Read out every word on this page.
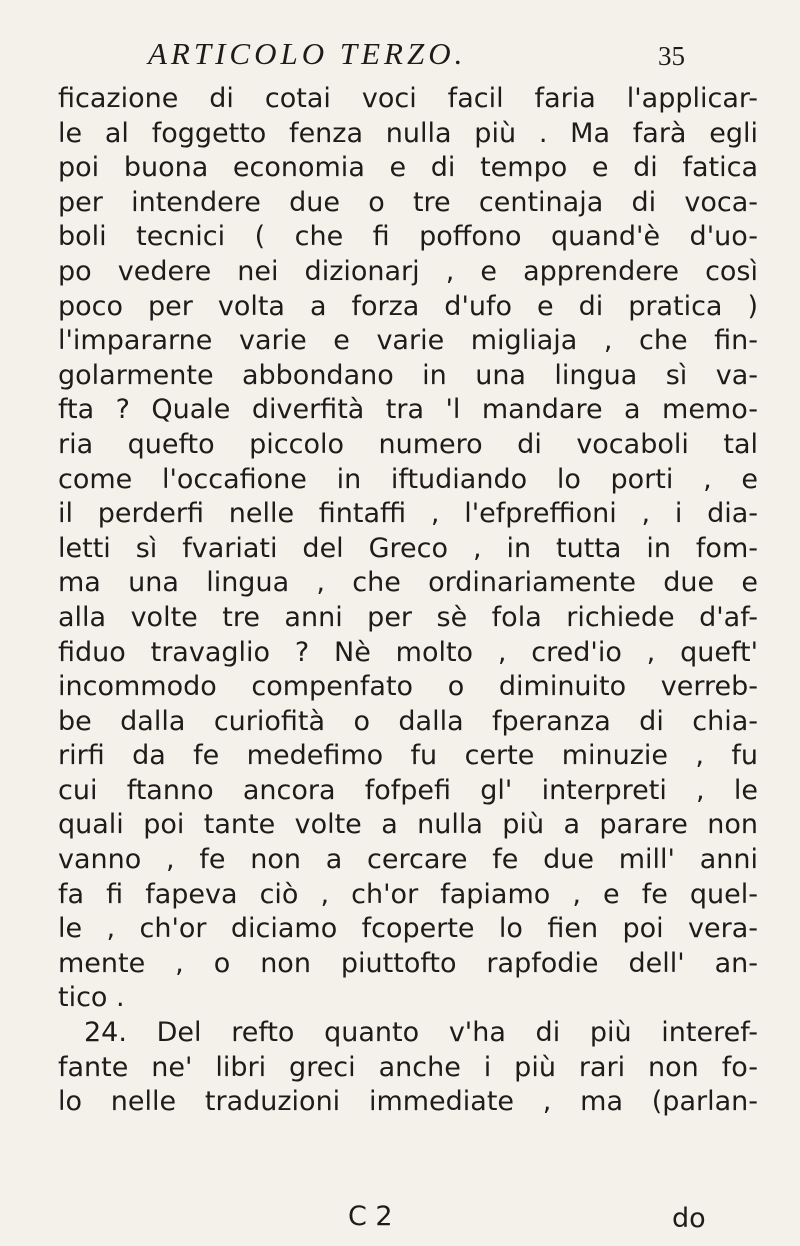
ARTICOLO TERZO.	35
ficazione di cotai voci facil faria l'applicar-
le al foggetto fenza nulla più . Ma farà egli
poi buona economia e di tempo e di fatica
per intendere due o tre centinaja di voca-
boli tecnici ( che fi poffono quand'è d'uo-
po vedere nei dizionarj , e apprendere così
poco per volta a forza d'ufo e di pratica )
l'impararne varie e varie migliaja , che fin-
golarmente abbondano in una lingua sì va-
fta ? Quale diverfità tra 'l mandare a memo-
ria quefto piccolo numero di vocaboli tal
come l'occafione in iftudiando lo porti , e
il perderfi nelle fintaffi , l'efpreffioni , i dia-
letti sì fvariati del Greco , in tutta in fom-
ma una lingua , che ordinariamente due e
alla volte tre anni per sè fola richiede d'af-
fiduo travaglio ? Nè molto , cred'io , queft'
incommodo compenfato o diminuito verreb-
be dalla curiofità o dalla fperanza di chia-
rirfi da fe medefimo fu certe minuzie , fu
cui ftanno ancora fofpefi gl' interpreti , le
quali poi tante volte a nulla più a parare non
vanno , fe non a cercare fe due mill' anni
fa fi fapeva ciò , ch'or fapiamo , e fe quel-
le , ch'or diciamo fcoperte lo fien poi vera-
mente , o non piuttofto rapfodie dell' an-
tico .
24. Del refto quanto v'ha di più interef-
fante ne' libri greci anche i più rari non fo-
lo nelle traduzioni immediate , ma (parlan-
C 2	do
